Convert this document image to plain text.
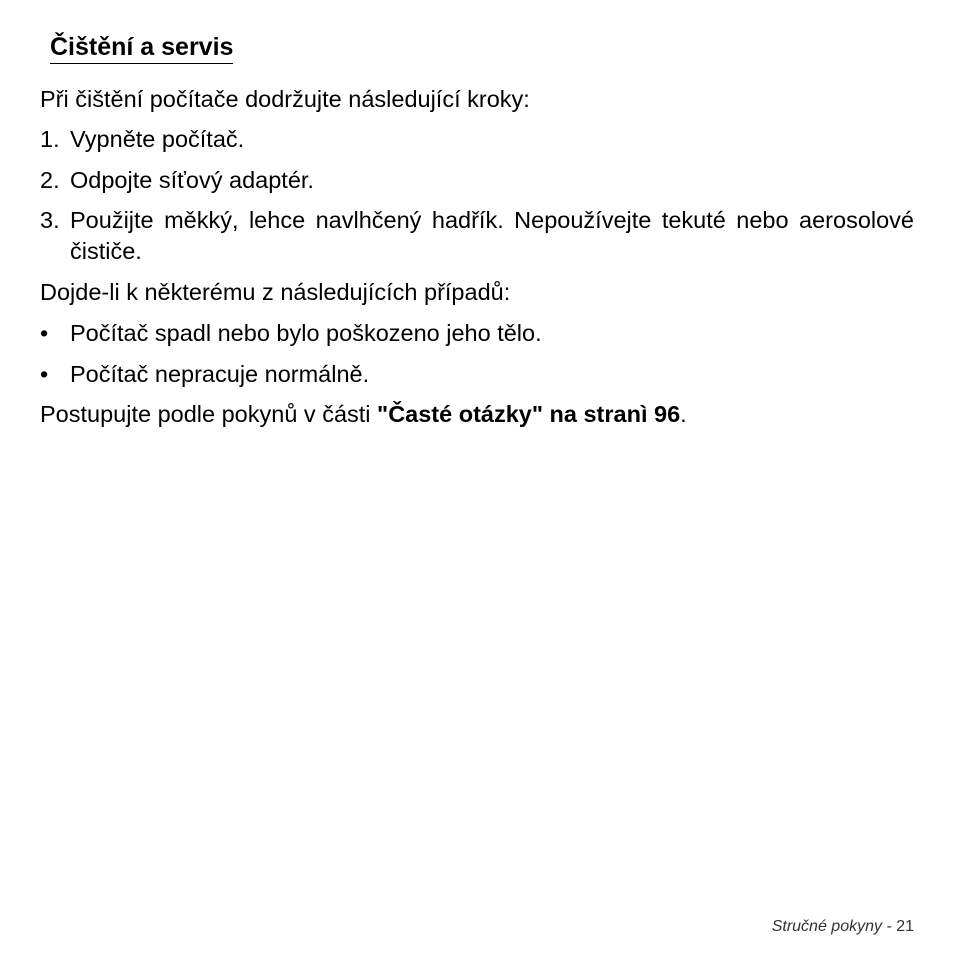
Čištění a servis

Při čištění počítače dodržujte následující kroky:

1. Vypněte počítač.
2. Odpojte síťový adaptér.
3. Použijte měkký, lehce navlhčený hadřík. Nepoužívejte tekuté nebo aerosolové čističe.

Dojde-li k některému z následujících případů:

• Počítač spadl nebo bylo poškozeno jeho tělo.
• Počítač nepracuje normálně.

Postupujte podle pokynů v části "Časté otázky" na stranì 96.

Stručné pokyny - 21
